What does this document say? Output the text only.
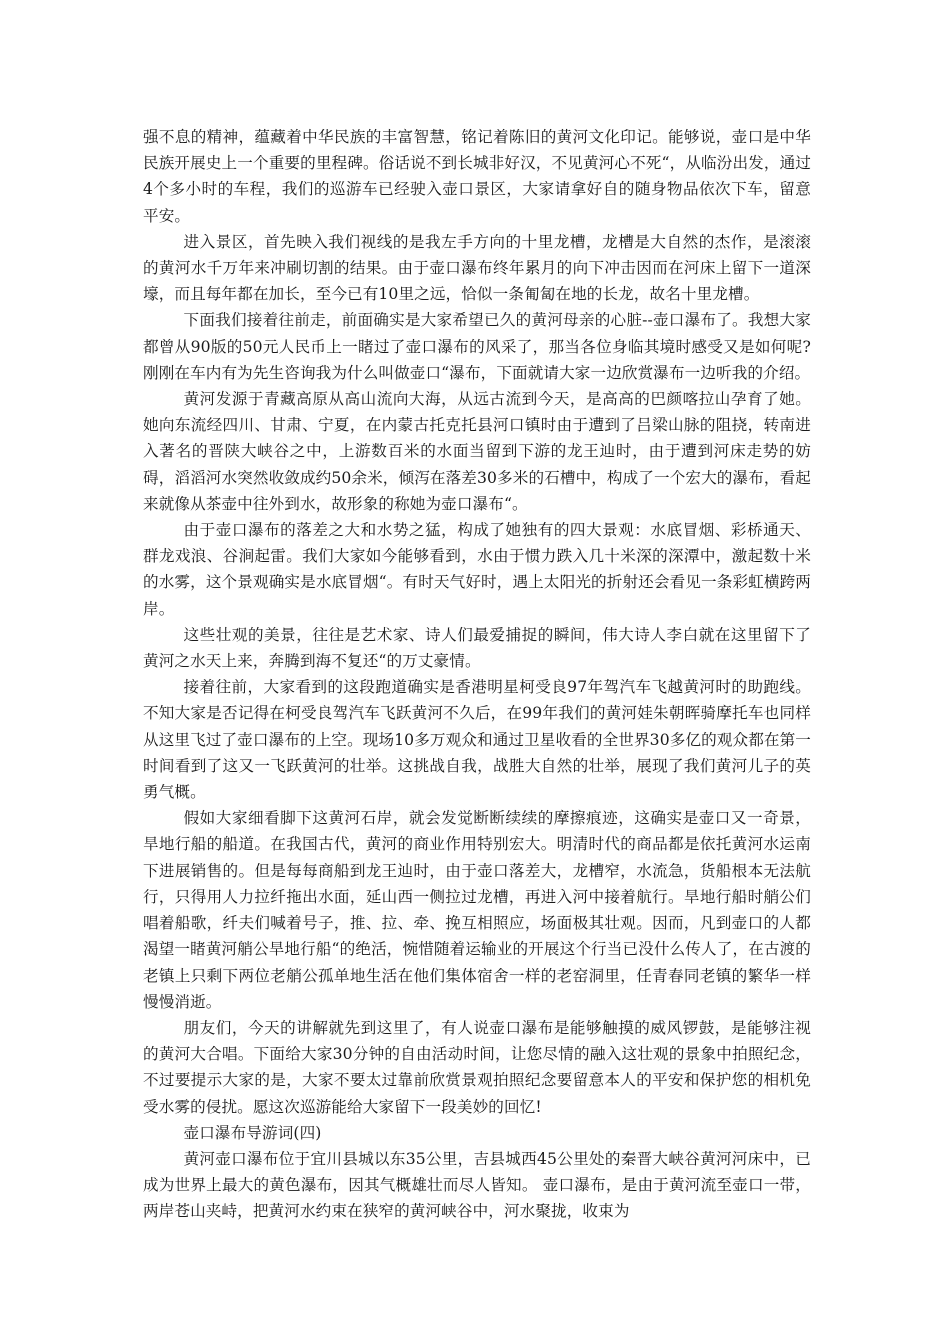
强不息的精神，蕴藏着中华民族的丰富智慧，铭记着陈旧的黄河文化印记。能够说，壶口是中华民族开展史上一个重要的里程碑。俗话说不到长城非好汉，不见黄河心不死“，从临汾出发，通过4个多小时的车程，我们的巡游车已经驶入壶口景区，大家请拿好自的随身物品依次下车，留意平安。

进入景区，首先映入我们视线的是我左手方向的十里龙槽，龙槽是大自然的杰作，是滚滚的黄河水千万年来冲刷切割的结果。由于壶口瀑布终年累月的向下冲击因而在河床上留下一道深壕，而且每年都在加长，至今已有10里之远，恰似一条匍匐在地的长龙，故名十里龙槽。

下面我们接着往前走，前面确实是大家希望已久的黄河母亲的心脏--壶口瀑布了。我想大家都曾从90版的50元人民币上一睹过了壶口瀑布的风采了，那当各位身临其境时感受又是如何呢?刚刚在车内有为先生咨询我为什么叫做壶口“瀑布，下面就请大家一边欣赏瀑布一边听我的介绍。

黄河发源于青藏高原从高山流向大海，从远古流到今天，是高高的巴颜喀拉山孕育了她。她向东流经四川、甘肃、宁夏，在内蒙古托克托县河口镇时由于遭到了吕梁山脉的阻挠，转南进入著名的晋陕大峡谷之中，上游数百米的水面当留到下游的龙王辿时，由于遭到河床走势的妨碍，滔滔河水突然收敛成约50余米，倾泻在落差30多米的石槽中，构成了一个宏大的瀑布，看起来就像从茶壶中往外到水，故形象的称她为壶口瀑布“。

由于壶口瀑布的落差之大和水势之猛，构成了她独有的四大景观：水底冒烟、彩桥通天、群龙戏浪、谷涧起雷。我们大家如今能够看到，水由于惯力跌入几十米深的深潭中，激起数十米的水雾，这个景观确实是水底冒烟“。有时天气好时，遇上太阳光的折射还会看见一条彩虹横跨两岸。

这些壮观的美景，往往是艺术家、诗人们最爱捕捉的瞬间，伟大诗人李白就在这里留下了黄河之水天上来，奔腾到海不复还“的万丈豪情。

接着往前，大家看到的这段跑道确实是香港明星柯受良97年驾汽车飞越黄河时的助跑线。不知大家是否记得在柯受良驾汽车飞跃黄河不久后，在99年我们的黄河娃朱朝晖骑摩托车也同样从这里飞过了壶口瀑布的上空。现场10多万观众和通过卫星收看的全世界30多亿的观众都在第一时间看到了这又一飞跃黄河的壮举。这挑战自我，战胜大自然的壮举，展现了我们黄河儿子的英勇气概。

假如大家细看脚下这黄河石岸，就会发觉断断续续的摩擦痕迹，这确实是壶口又一奇景，旱地行船的船道。在我国古代，黄河的商业作用特别宏大。明清时代的商品都是依托黄河水运南下进展销售的。但是每每商船到龙王辿时，由于壶口落差大，龙槽窄，水流急，货船根本无法航行，只得用人力拉纤拖出水面，延山西一侧拉过龙槽，再进入河中接着航行。旱地行船时艄公们唱着船歌，纤夫们喊着号子，推、拉、牵、挽互相照应，场面极其壮观。因而，凡到壶口的人都渴望一睹黄河艄公旱地行船“的绝活，惋惜随着运输业的开展这个行当已没什么传人了，在古渡的老镇上只剩下两位老艄公孤单地生活在他们集体宿舍一样的老窑洞里，任青春同老镇的繁华一样慢慢消逝。

朋友们，今天的讲解就先到这里了，有人说壶口瀑布是能够触摸的威风锣鼓，是能够注视的黄河大合唱。下面给大家30分钟的自由活动时间，让您尽情的融入这壮观的景象中拍照纪念，不过要提示大家的是，大家不要太过靠前欣赏景观拍照纪念要留意本人的平安和保护您的相机免受水雾的侵扰。愿这次巡游能给大家留下一段美妙的回忆!

壶口瀑布导游词(四)

黄河壶口瀑布位于宜川县城以东35公里，吉县城西45公里处的秦晋大峡谷黄河河床中，已成为世界上最大的黄色瀑布，因其气概雄壮而尽人皆知。 壶口瀑布，是由于黄河流至壶口一带，两岸苍山夹峙，把黄河水约束在狭窄的黄河峡谷中，河水聚拢，收束为
